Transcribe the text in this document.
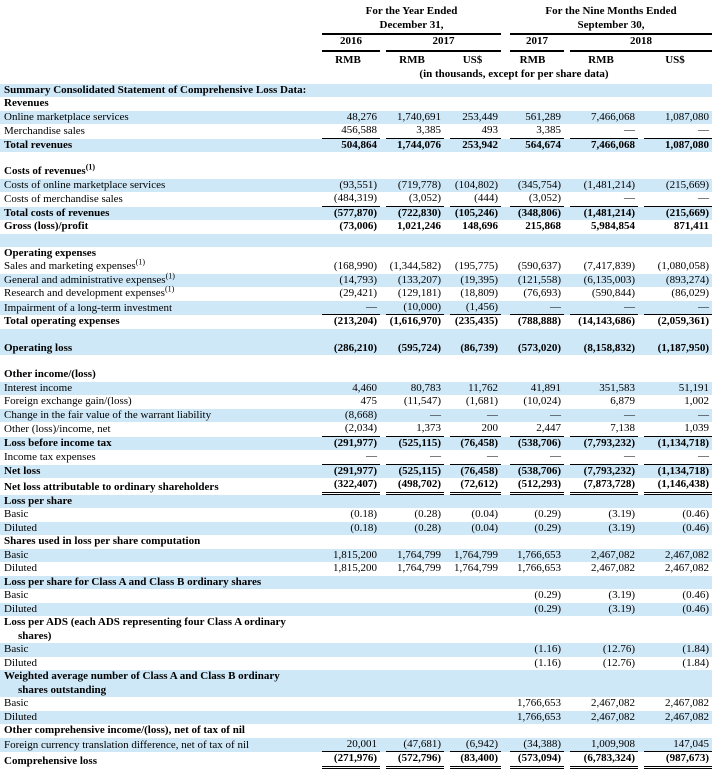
	For the Year Ended
December 31,			For the Nine Months Ended
September 30,		

	2016	2017		2017	2018	

	RMB	RMB	US$	RMB	RMB	US$
	(in thousands, except for per share data)					
Summary Consolidated Statement of Comprehensive Loss Data:						
Revenues						
Online marketplace services	48,276	1,740,691	253,449	561,289	7,466,068	1,087,080

Merchandise sales	456,588	3,385	493	3,385	—	—

Total revenues	504,864	1,744,076	253,942	564,674	7,466,068	1,087,080

Costs of revenues$^{(1)}$
Costs of online marketplace services	(93,551)	(719,778)	(104,802)	(345,754)	(1,481,214)	(215,669)

Costs of merchandise sales	(484,319)	(3,052)	(444)	(3,052)	—	—

Total costs of revenues	(577,870)	(722,830)	(105,246)	(348,806)	(1,481,214)	(215,669)

Gross (loss)/profit	(73,006)	1,021,246	148,696	215,868	5,984,854	871,411

Operating expenses						
Sales and marketing expenses$^{(1)}$	(168,990)	(1,344,582)	(195,775)	(590,637)	(7,417,839)	(1,080,058)

General and administrative expenses$^{(1)}$	(14,793)	(133,207)	(19,395)	(121,558)	(6,135,003)	(893,274)

Research and development expenses$^{(1)}$	(29,421)	(129,181)	(18,809)	(76,693)	(590,844)	(86,029)

Impairment of a long-term investment	—	(10,000)	(1,456)	—	—	—

Total operating expenses	(213,204)	(1,616,970)	(235,435)	(788,888)	(14,143,686)	(2,059,361)

Operating loss	(286,210)	(595,724)	(86,739)	(573,020)	(8,158,832)	(1,187,950)

Other income/(loss)						
Interest income	4,460	80,783	11,762	41,891	351,583	51,191

Foreign exchange gain/(loss)	475	(11,547)	(1,681)	(10,024)	6,879	1,002

Change in the fair value of the warrant liability	(8,668)	—	—	—	—	—

Other (loss)/income, net	(2,034)	1,373	200	2,447	7,138	1,039

Loss before income tax	(291,977)	(525,115)	(76,458)	(538,706)	(7,793,232)	(1,134,718)

Income tax expenses	—	—	—	—	—	—

Net loss	(291,977)	(525,115)	(76,458)	(538,706)	(7,793,232)	(1,134,718)

Net loss attributable to ordinary shareholders	(322,407)	(498,702)	(72,612)	(512,293)	(7,873,728)	(1,146,438)

Loss per share						
Basic	(0.18)	(0.28)	(0.04)	(0.29)	(3.19)	(0.46)

Diluted	(0.18)	(0.28)	(0.04)	(0.29)	(3.19)	(0.46)

Shares used in loss per share computation						
Basic	1,815,200	1,764,799	1,764,799	1,766,653	2,467,082	2,467,082

Diluted	1,815,200	1,764,799	1,764,799	1,766,653	2,467,082	2,467,082

Loss per share for Class A and Class B ordinary shares						
Basic				(0.29)	(3.19)	(0.46)

Diluted				(0.29)	(3.19)	(0.46)

Loss per ADS (each ADS representing four Class A ordinary
shares)						
Basic				(1.16)	(12.76)	(1.84)

Diluted				(1.16)	(12.76)	(1.84)

Weighted average number of Class A and Class B ordinary
shares outstanding						
Basic				1,766,653	2,467,082	2,467,082

Diluted				1,766,653	2,467,082	2,467,082

Other comprehensive income/(loss), net of tax of nil						
Foreign currency translation difference, net of tax of nil	20,001	(47,681)	(6,942)	(34,388)	1,009,908	147,045

Comprehensive loss	(271,976)	(572,796)	(83,400)	(573,094)	(6,783,324)	(987,673)
